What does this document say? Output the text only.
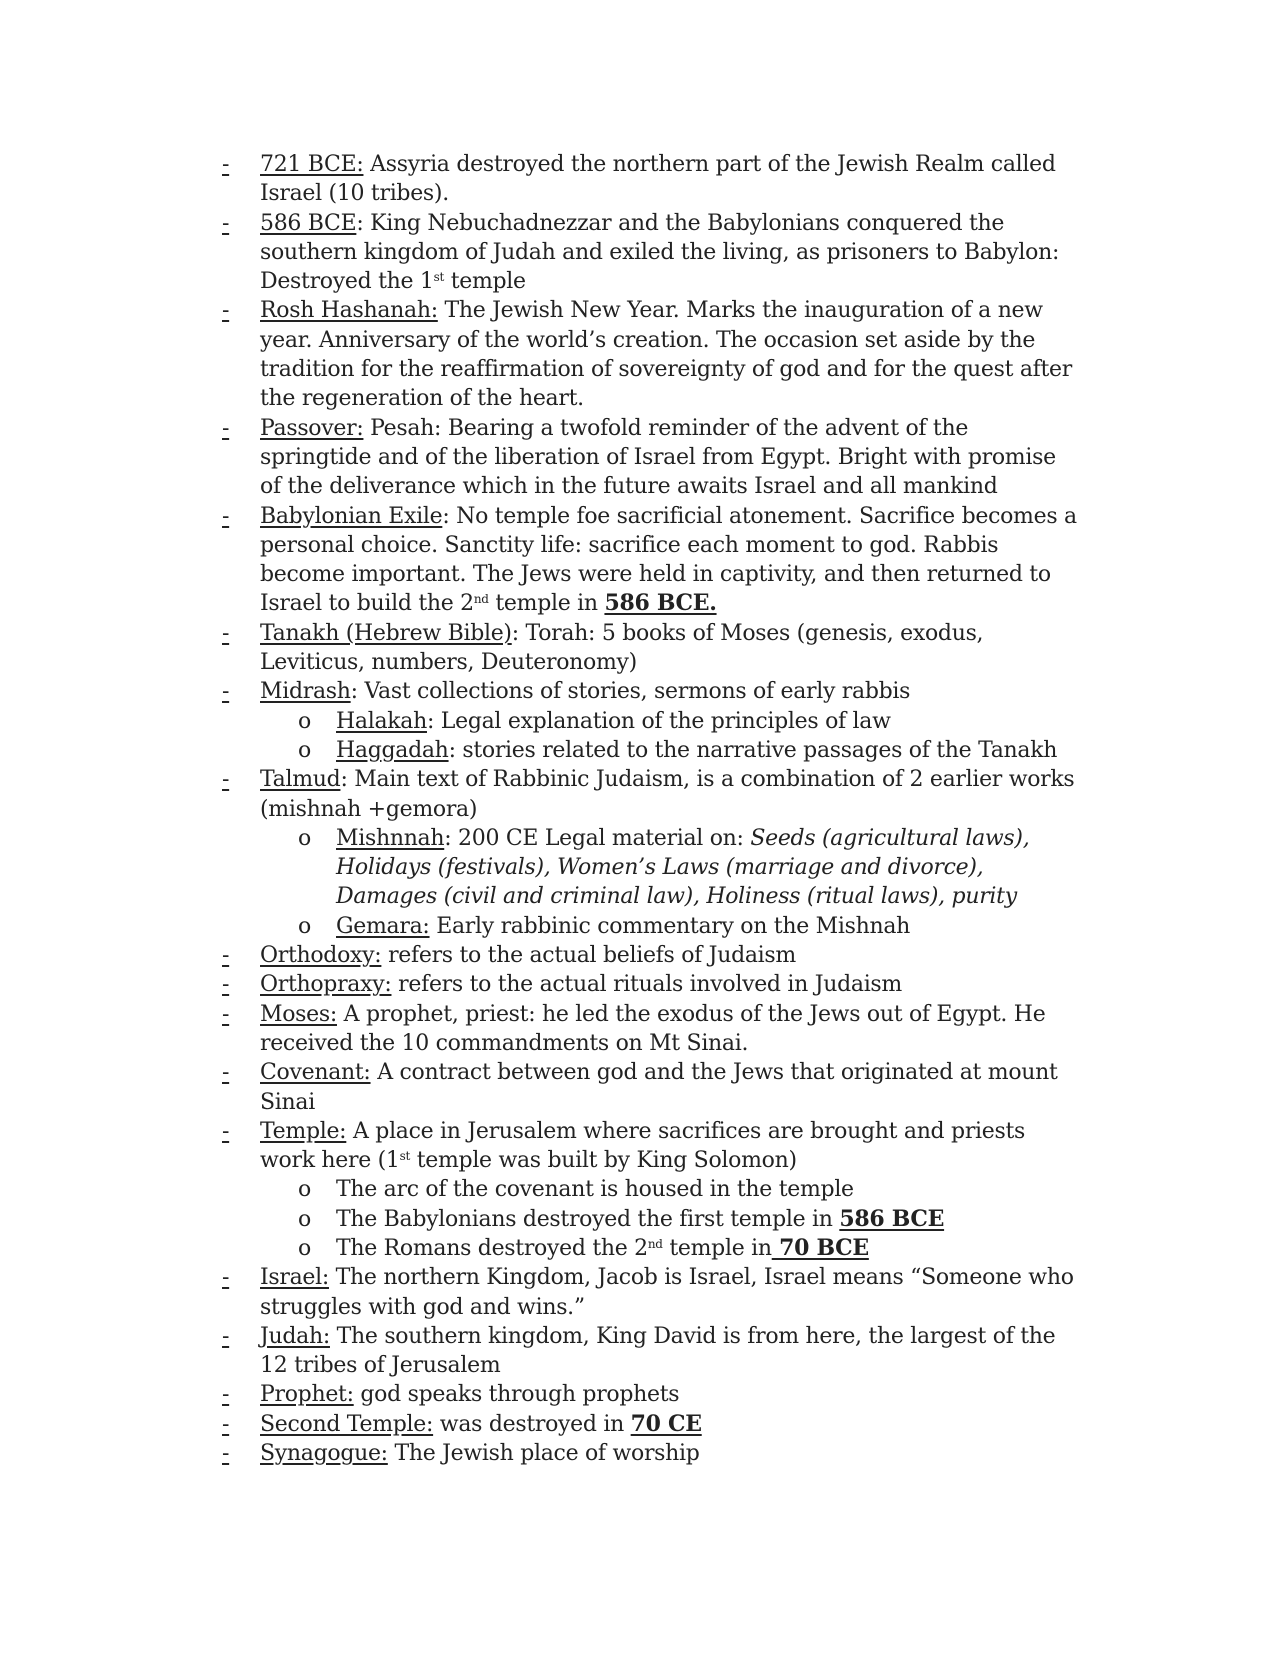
-	721 BCE: Assyria destroyed the northern part of the Jewish Realm called Israel (10 tribes).
-	586 BCE: King Nebuchadnezzar and the Babylonians conquered the southern kingdom of Judah and exiled the living, as prisoners to Babylon: Destroyed the 1st temple
-	Rosh Hashanah: The Jewish New Year. Marks the inauguration of a new year. Anniversary of the world’s creation. The occasion set aside by the tradition for the reaffirmation of sovereignty of god and for the quest after the regeneration of the heart.
-	Passover: Pesah: Bearing a twofold reminder of the advent of the springtide and of the liberation of Israel from Egypt. Bright with promise of the deliverance which in the future awaits Israel and all mankind
-	Babylonian Exile: No temple foe sacrificial atonement. Sacrifice becomes a personal choice. Sanctity life: sacrifice each moment to god. Rabbis become important. The Jews were held in captivity, and then returned to Israel to build the 2nd temple in 586 BCE.
-	Tanakh (Hebrew Bible): Torah: 5 books of Moses (genesis, exodus, Leviticus, numbers, Deuteronomy)
-	Midrash: Vast collections of stories, sermons of early rabbis
o	Halakah: Legal explanation of the principles of law
o	Haggadah: stories related to the narrative passages of the Tanakh
-	Talmud: Main text of Rabbinic Judaism, is a combination of 2 earlier works (mishnah +gemora)
o	Mishnnah: 200 CE Legal material on: Seeds (agricultural laws), Holidays (festivals), Women’s Laws (marriage and divorce), Damages (civil and criminal law), Holiness (ritual laws), purity
o	Gemara: Early rabbinic commentary on the Mishnah
-	Orthodoxy: refers to the actual beliefs of Judaism
-	Orthopraxy: refers to the actual rituals involved in Judaism
-	Moses: A prophet, priest: he led the exodus of the Jews out of Egypt. He received the 10 commandments on Mt Sinai.
-	Covenant: A contract between god and the Jews that originated at mount Sinai
-	Temple: A place in Jerusalem where sacrifices are brought and priests work here (1st temple was built by King Solomon)
o	The arc of the covenant is housed in the temple
o	The Babylonians destroyed the first temple in 586 BCE
o	The Romans destroyed the 2nd temple in 70 BCE
-	Israel: The northern Kingdom, Jacob is Israel, Israel means “Someone who struggles with god and wins.”
-	Judah: The southern kingdom, King David is from here, the largest of the 12 tribes of Jerusalem
-	Prophet: god speaks through prophets
-	Second Temple: was destroyed in 70 CE
-	Synagogue: The Jewish place of worship
